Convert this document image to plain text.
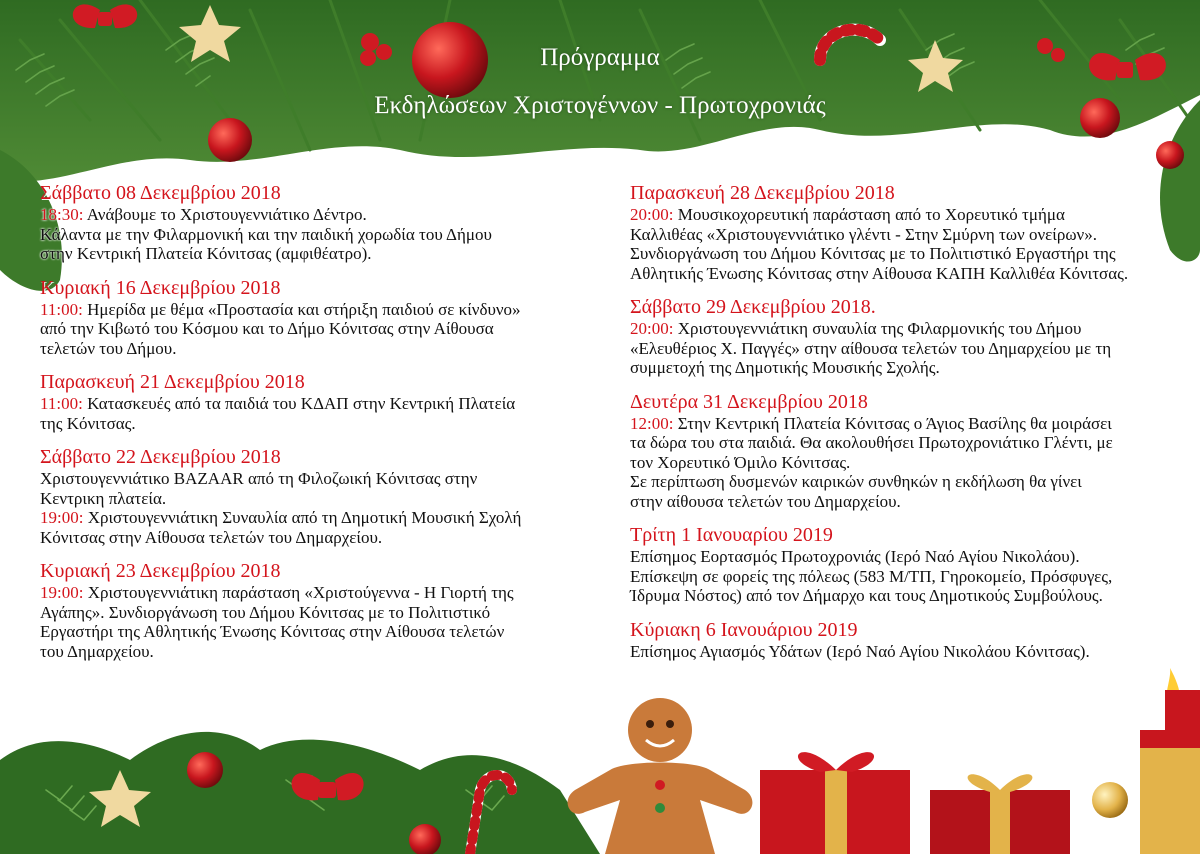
Πρόγραμμα
Εκδηλώσεων Χριστογέννων - Πρωτοχρονιάς
Σάββατο 08 Δεκεμβρίου 2018
18:30: Ανάβουμε το Χριστουγεννιάτικο Δέντρο.
Κάλαντα με την Φιλαρμονική και την παιδική χορωδία του Δήμου
στην Κεντρική Πλατεία Κόνιτσας (αμφιθέατρο).
Κυριακή 16 Δεκεμβρίου 2018
11:00: Ημερίδα με θέμα «Προστασία και στήριξη παιδιού σε κίνδυνο»
από την Κιβωτό του Κόσμου και το Δήμο Κόνιτσας στην Αίθουσα
τελετών του Δήμου.
Παρασκευή 21 Δεκεμβρίου 2018
11:00: Κατασκευές από τα παιδιά του ΚΔΑΠ στην Κεντρική Πλατεία
της Κόνιτσας.
Σάββατο 22 Δεκεμβρίου 2018
Χριστουγεννιάτικο BAZAAR από τη Φιλοζωική Κόνιτσας στην
Κεντρικη πλατεία.
19:00: Χριστουγεννιάτικη Συναυλία από τη Δημοτική Μουσική Σχολή
Κόνιτσας στην Αίθουσα τελετών του Δημαρχείου.
Κυριακή 23 Δεκεμβρίου 2018
19:00: Χριστουγεννιάτικη παράσταση «Χριστούγεννα - Η Γιορτή της
Αγάπης». Συνδιοργάνωση του Δήμου Κόνιτσας με το Πολιτιστικό
Εργαστήρι της Αθλητικής Ένωσης Κόνιτσας στην Αίθουσα τελετών
του Δημαρχείου.
Παρασκευή 28 Δεκεμβρίου 2018
20:00: Μουσικοχορευτική παράσταση από το Χορευτικό τμήμα
Καλλιθέας «Χριστουγεννιάτικο γλέντι - Στην Σμύρνη των ονείρων».
Συνδιοργάνωση του Δήμου Κόνιτσας με το Πολιτιστικό Εργαστήρι της
Αθλητικής Ένωσης Κόνιτσας στην Αίθουσα ΚΑΠΗ Καλλιθέα Κόνιτσας.
Σάββατο 29 Δεκεμβρίου 2018.
20:00: Χριστουγεννιάτικη συναυλία της Φιλαρμονικής του Δήμου
«Ελευθέριος Χ. Παγγές» στην αίθουσα τελετών του Δημαρχείου με τη
συμμετοχή της Δημοτικής Μουσικής Σχολής.
Δευτέρα 31 Δεκεμβρίου 2018
12:00: Στην Κεντρική Πλατεία Κόνιτσας ο Άγιος Βασίλης θα μοιράσει
τα δώρα του στα παιδιά. Θα ακολουθήσει Πρωτοχρονιάτικο Γλέντι, με
τον Χορευτικό Όμιλο Κόνιτσας.
Σε περίπτωση δυσμενών καιρικών συνθηκών η εκδήλωση θα γίνει
στην αίθουσα τελετών του Δημαρχείου.
Τρίτη 1 Ιανουαρίου 2019
Επίσημος Εορτασμός Πρωτοχρονιάς (Ιερό Ναό Αγίου Νικολάου).
Επίσκεψη σε φορείς της πόλεως (583 Μ/ΤΠ, Γηροκομείο, Πρόσφυγες,
Ίδρυμα Νόστος) από τον Δήμαρχο και τους Δημοτικούς Συμβούλους.
Κύριακη 6 Ιανουάριου 2019
Επίσημος Αγιασμός Υδάτων (Ιερό Ναό Αγίου Νικολάου Κόνιτσας).
